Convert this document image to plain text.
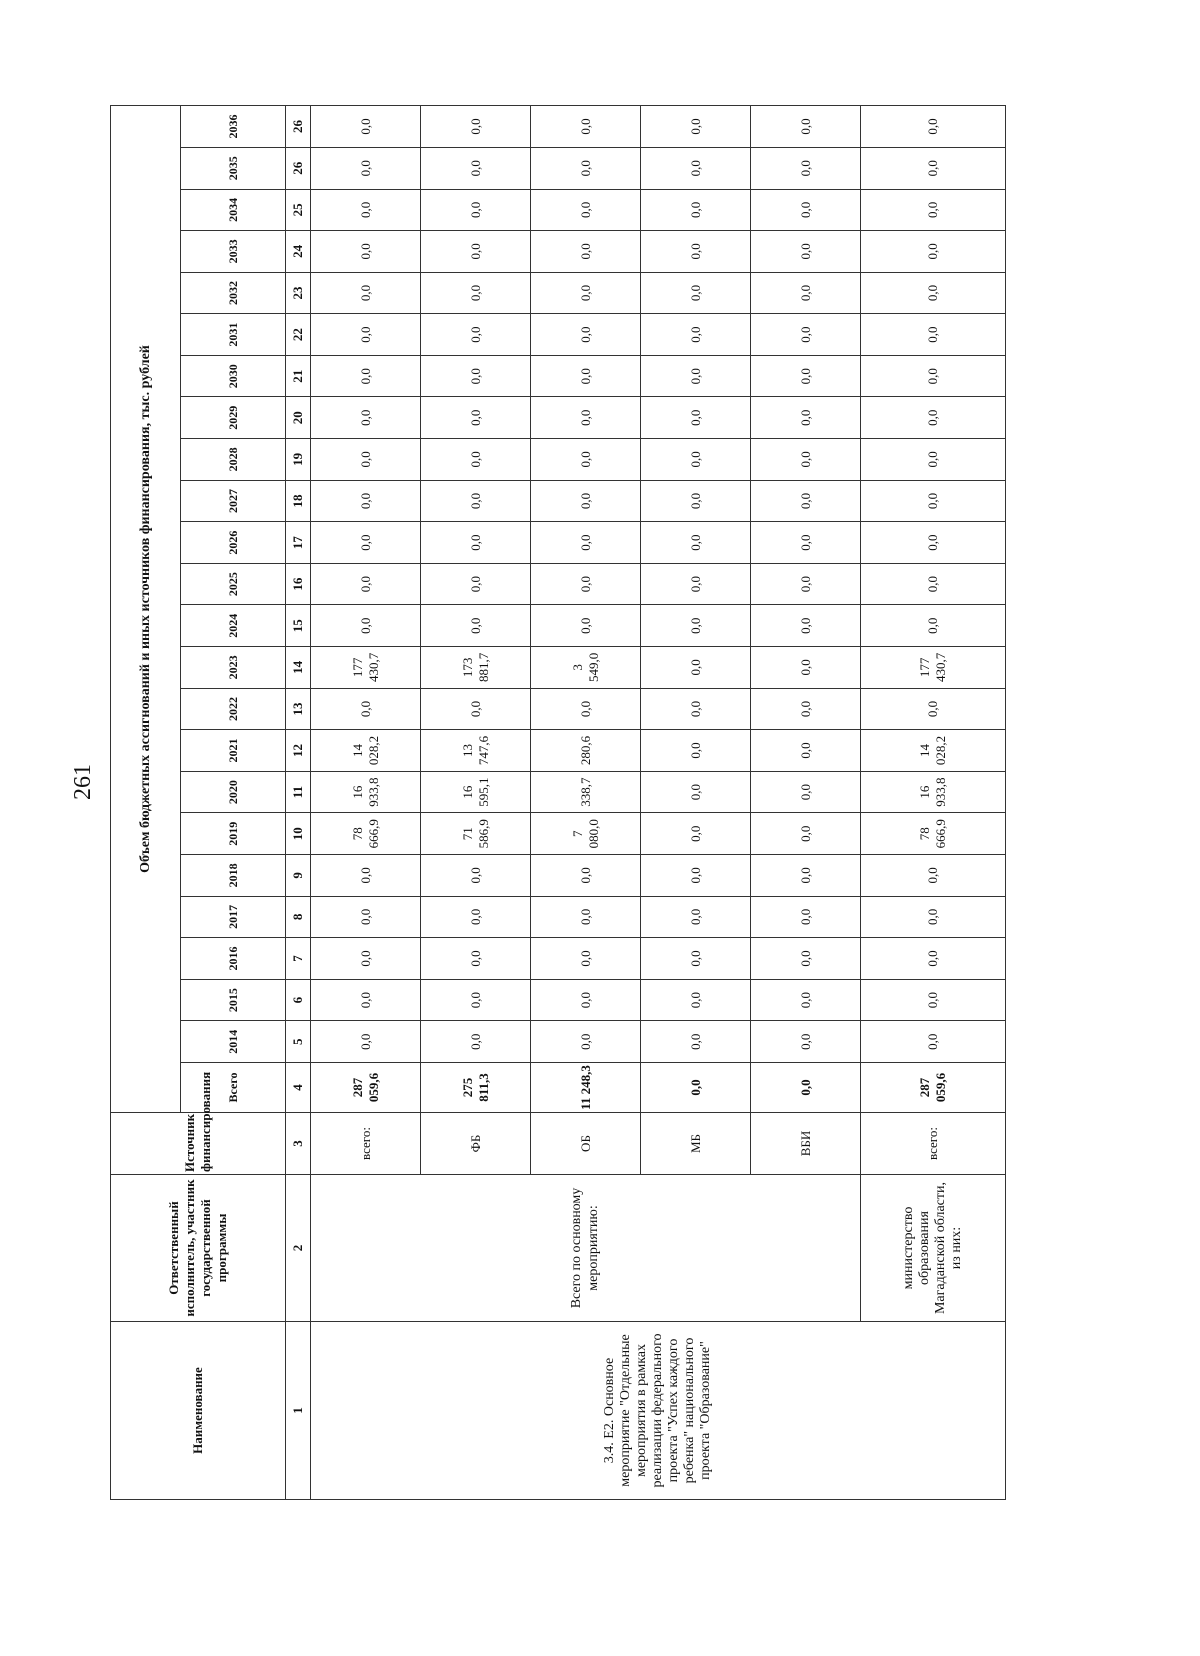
261
Наименование	Ответственный исполнитель, участник государственной программы	Источник финансирования	Объем бюджетных ассигнований и иных источников финансирования, тыс. рублей																							
			Всего	2014	2015	2016	2017	2018	2019	2020	2021	2022	2023	2024	2025	2026	2027	2028	2029	2030	2031	2032	2033	2034	2035	2036
1	2	3	4	5	6	7	8	9	10	11	12	13	14	15	16	17	18	19	20	21	22	23	24	25	26	26
3.4. Е2. Основное мероприятие "Отдельные мероприятия в рамках реализации федерального проекта "Успех каждого ребенка" национального проекта "Образование"	Всего по основному мероприятию:	всего:	287 059,6	0,0	0,0	0,0	0,0	0,0	78 666,9	16 933,8	14 028,2	0,0	177 430,7	0,0	0,0	0,0	0,0	0,0	0,0	0,0	0,0	0,0	0,0	0,0	0,0	0,0
		ФБ	275 811,3	0,0	0,0	0,0	0,0	0,0	71 586,9	16 595,1	13 747,6	0,0	173 881,7	0,0	0,0	0,0	0,0	0,0	0,0	0,0	0,0	0,0	0,0	0,0	0,0	0,0
		ОБ	11 248,3	0,0	0,0	0,0	0,0	0,0	7 080,0	338,7	280,6	0,0	3 549,0	0,0	0,0	0,0	0,0	0,0	0,0	0,0	0,0	0,0	0,0	0,0	0,0	0,0
		МБ	0,0	0,0	0,0	0,0	0,0	0,0	0,0	0,0	0,0	0,0	0,0	0,0	0,0	0,0	0,0	0,0	0,0	0,0	0,0	0,0	0,0	0,0	0,0	0,0
		ВБИ	0,0	0,0	0,0	0,0	0,0	0,0	0,0	0,0	0,0	0,0	0,0	0,0	0,0	0,0	0,0	0,0	0,0	0,0	0,0	0,0	0,0	0,0	0,0	0,0
	министерство образования Магаданской области, из них:	всего:	287 059,6	0,0	0,0	0,0	0,0	0,0	78 666,9	16 933,8	14 028,2	0,0	177 430,7	0,0	0,0	0,0	0,0	0,0	0,0	0,0	0,0	0,0	0,0	0,0	0,0	0,0
